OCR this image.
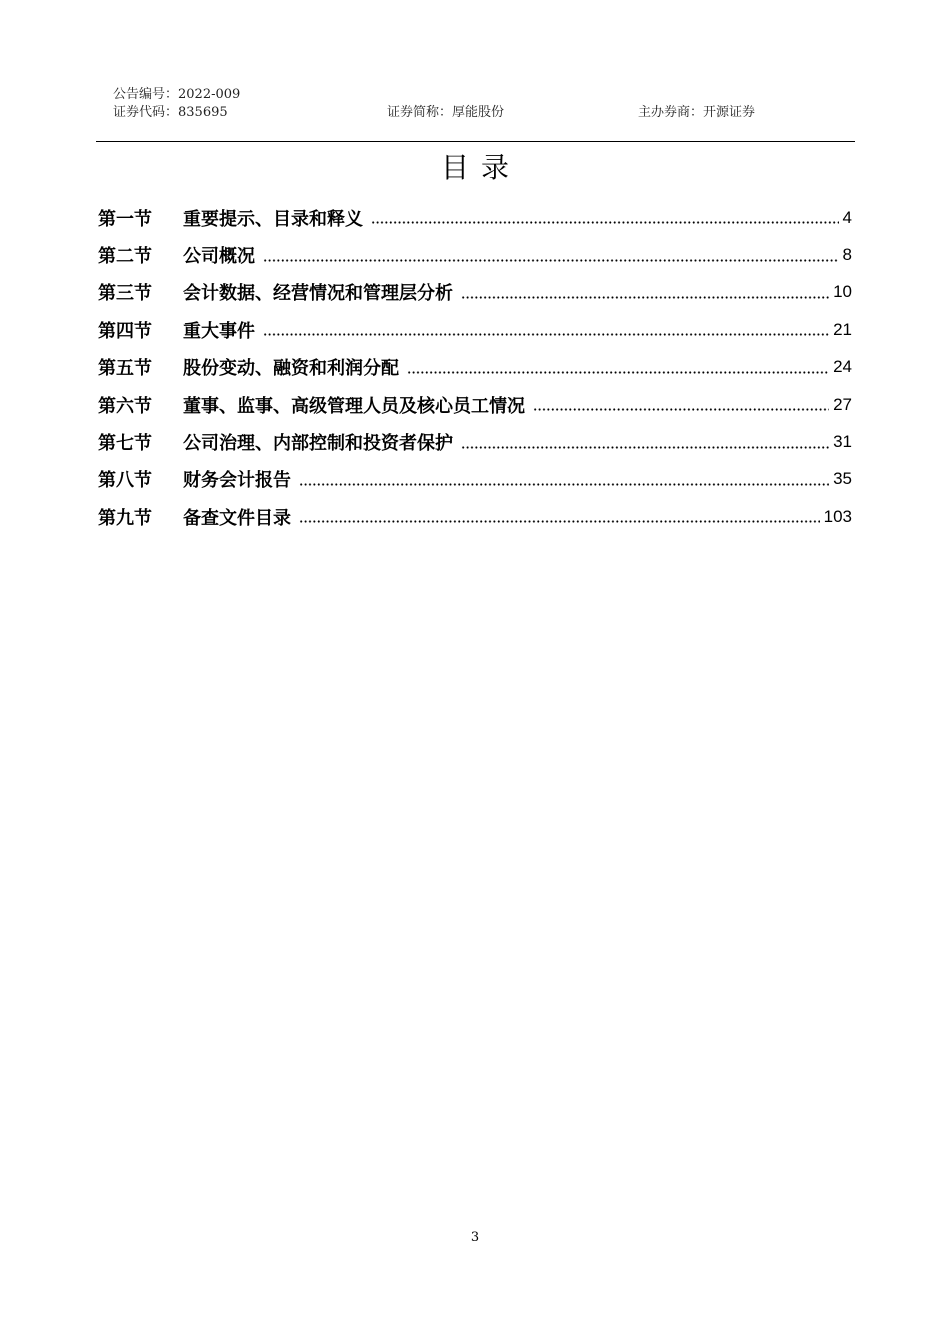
公告编号：2022-009
证券代码：835695	证券简称：厚能股份	主办券商：开源证券
目录
第一节	重要提示、目录和释义	4
第二节	公司概况	8
第三节	会计数据、经营情况和管理层分析	10
第四节	重大事件	21
第五节	股份变动、融资和利润分配	24
第六节	董事、监事、高级管理人员及核心员工情况	27
第七节	公司治理、内部控制和投资者保护	31
第八节	财务会计报告	35
第九节	备查文件目录	103
3
